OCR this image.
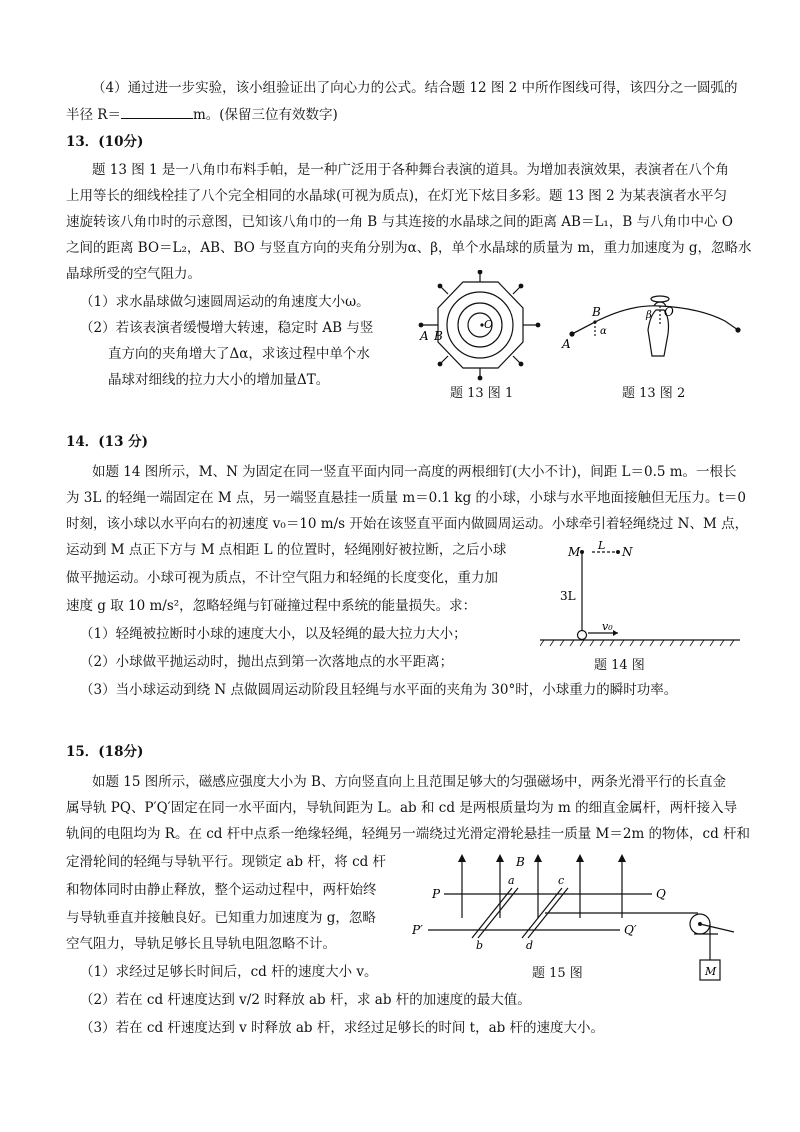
（4）通过进一步实验，该小组验证出了向心力的公式。结合题 12 图 2 中所作图线可得，该四分之一圆弧的
半径 R＝	m。(保留三位有效数字)
13．(10分)
题 13 图 1 是一八角巾布料手帕，是一种广泛用于各种舞台表演的道具。为增加表演效果，表演者在八个角
上用等长的细线栓挂了八个完全相同的水晶球(可视为质点)，在灯光下炫目多彩。题 13 图 2 为某表演者水平匀
速旋转该八角巾时的示意图，已知该八角巾的一角 B 与其连接的水晶球之间的距离 AB＝L₁，B 与八角巾中心 O
之间的距离 BO＝L₂，AB、BO 与竖直方向的夹角分别为α、β，单个水晶球的质量为 m，重力加速度为 g，忽略水
晶球所受的空气阻力。
（1）求水晶球做匀速圆周运动的角速度大小ω。
（2）若该表演者缓慢增大转速，稳定时 AB 与竖
直方向的夹角增大了Δα，求该过程中单个水
晶球对细线的拉力大小的增加量ΔT。
A B
O
题 13 图 1
A
B	O
α
β
题 13 图 2
14．(13 分)
如题 14 图所示，M、N 为固定在同一竖直平面内同一高度的两根细钉(大小不计)，间距 L＝0.5 m。一根长
为 3L 的轻绳一端固定在 M 点，另一端竖直悬挂一质量 m＝0.1 kg 的小球，小球与水平地面接触但无压力。t＝0
时刻，该小球以水平向右的初速度 v₀＝10 m/s 开始在该竖直平面内做圆周运动。小球牵引着轻绳绕过 N、M 点，
运动到 M 点正下方与 M 点相距 L 的位置时，轻绳刚好被拉断，之后小球
做平抛运动。小球可视为质点，不计空气阻力和轻绳的长度变化，重力加
速度 g 取 10 m/s²，忽略轻绳与钉碰撞过程中系统的能量损失。求：
（1）轻绳被拉断时小球的速度大小，以及轻绳的最大拉力大小；
（2）小球做平抛运动时，抛出点到第一次落地点的水平距离；
（3）当小球运动到绕 N 点做圆周运动阶段且轻绳与水平面的夹角为 30°时，小球重力的瞬时功率。
M	N
L
3L
v₀
题 14 图
15．(18分)
如题 15 图所示，磁感应强度大小为 B、方向竖直向上且范围足够大的匀强磁场中，两条光滑平行的长直金
属导轨 PQ、P′Q′固定在同一水平面内，导轨间距为 L。ab 和 cd 是两根质量均为 m 的细直金属杆，两杆接入导
轨间的电阻均为 R。在 cd 杆中点系一绝缘轻绳，轻绳另一端绕过光滑定滑轮悬挂一质量 M＝2m 的物体，cd 杆和
定滑轮间的轻绳与导轨平行。现锁定 ab 杆，将 cd 杆
和物体同时由静止释放，整个运动过程中，两杆始终
与导轨垂直并接触良好。已知重力加速度为 g，忽略
空气阻力，导轨足够长且导轨电阻忽略不计。
（1）求经过足够长时间后，cd 杆的速度大小 v。
（2）若在 cd 杆速度达到 v/2 时释放 ab 杆，求 ab 杆的加速度的最大值。
（3）若在 cd 杆速度达到 v 时释放 ab 杆，求经过足够长的时间 t，ab 杆的速度大小。
B
P	Q
P′	Q′
a
b
c
d
M
题 15 图
